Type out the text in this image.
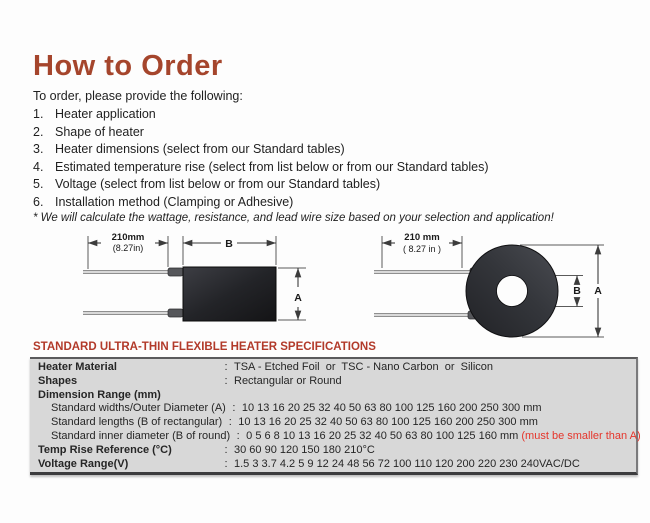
How to Order
To order, please provide the following:
1. Heater application
2. Shape of heater
3. Heater dimensions (select from our Standard tables)
4. Estimated temperature rise (select from list below or from our Standard tables)
5. Voltage (select from list below or from our Standard tables)
6. Installation method (Clamping or Adhesive)
* We will calculate the wattage, resistance, and lead wire size based on your selection and application!
210mm
(8.27in)	B
A
210 mm
( 8.27 in )
B A
STANDARD ULTRA-THIN FLEXIBLE HEATER SPECIFICATIONS
Heater Material	: TSA - Etched Foil  or  TSC - Nano Carbon  or  Silicon
Shapes	: Rectangular or Round
Dimension Range (mm)
Standard widths/Outer Diameter (A) : 10 13 16 20 25 32 40 50 63 80 100 125 160 200 250 300 mm
Standard lengths (B of rectangular) : 10 13 16 20 25 32 40 50 63 80 100 125 160 200 250 300 mm
Standard inner diameter (B of round) : 0 5 6 8 10 13 16 20 25 32 40 50 63 80 100 125 160 mm (must be smaller than A)
Temp Rise Reference (°C)	: 30 60 90 120 150 180 210°C
Voltage Range(V)	: 1.5 3 3.7 4.2 5 9 12 24 48 56 72 100 110 120 200 220 230 240VAC/DC
